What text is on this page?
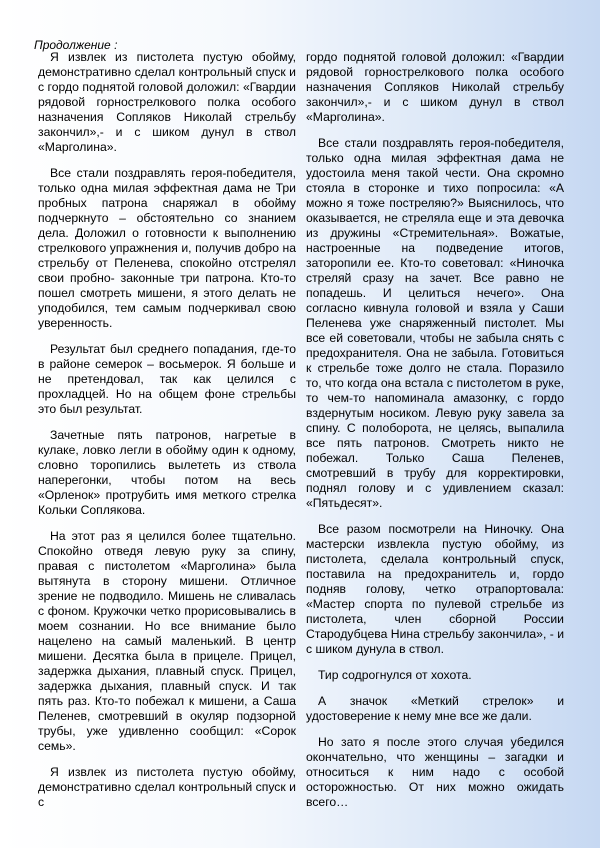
Продолжение :

Я извлек из пистолета пустую обойму, демонстративно сделал контрольный спуск и с гордо поднятой головой доложил: «Гвардии рядовой горнострелкового полка особого назначения Сопляков Николай стрельбу закончил»,- и с шиком дунул в ствол «Марголина».

Все стали поздравлять героя-победителя, только одна милая эффектная дама не Три пробных патрона снаряжал в обойму подчеркнуто – обстоятельно со знанием дела. Доложил о готовности к выполнению стрелкового упражнения и, получив добро на стрельбу от Пеленева, спокойно отстрелял свои пробно- законные три патрона. Кто-то пошел смотреть мишени, я этого делать не уподобился, тем самым подчеркивал свою уверенность.

Результат был среднего попадания, где-то в районе семерок – восьмерок. Я больше и не претендовал, так как целился с прохладцей. Но на общем фоне стрельбы это был результат.

Зачетные пять патронов, нагретые в кулаке, ловко легли в обойму один к одному, словно торопились вылететь из ствола наперегонки, чтобы потом на весь «Орленок» протрубить имя меткого стрелка Кольки Соплякова.

На этот раз я целился более тщательно. Спокойно отведя левую руку за спину, правая с пистолетом «Марголина» была вытянута в сторону мишени. Отличное зрение не подводило. Мишень не сливалась с фоном. Кружочки четко прорисовывались в моем сознании. Но все внимание было нацелено на самый маленький. В центр мишени. Десятка была в прицеле. Прицел, задержка дыхания, плавный спуск. Прицел, задержка дыхания, плавный спуск. И так пять раз. Кто-то побежал к мишени, а Саша Пеленев, смотревший в окуляр подзорной трубы, уже удивленно сообщил: «Сорок семь».

Я извлек из пистолета пустую обойму, демонстративно сделал контрольный спуск и с

гордо поднятой головой доложил: «Гвардии рядовой горнострелкового полка особого назначения Сопляков Николай стрельбу закончил»,- и с шиком дунул в ствол «Марголина».

Все стали поздравлять героя-победителя, только одна милая эффектная дама не удостоила меня такой чести. Она скромно стояла в сторонке и тихо попросила: «А можно я тоже постреляю?» Выяснилось, что оказывается, не стреляла еще и эта девочка из дружины «Стремительная». Вожатые, настроенные на подведение итогов, заторопили ее. Кто-то советовал: «Ниночка стреляй сразу на зачет. Все равно не попадешь. И целиться нечего». Она согласно кивнула головой и взяла у Саши Пеленева уже снаряженный пистолет. Мы все ей советовали, чтобы не забыла снять с предохранителя. Она не забыла. Готовиться к стрельбе тоже долго не стала. Поразило то, что когда она встала с пистолетом в руке, то чем-то напоминала амазонку, с гордо вздернутым носиком. Левую руку завела за спину. С полоборота, не целясь, выпалила все пять патронов. Смотреть никто не побежал. Только Саша Пеленев, смотревший в трубу для корректировки, поднял голову и с удивлением сказал: «Пятьдесят».

Все разом посмотрели на Ниночку. Она мастерски извлекла пустую обойму, из пистолета, сделала контрольный спуск, поставила на предохранитель и, гордо подняв голову, четко отрапортовала: «Мастер спорта по пулевой стрельбе из пистолета, член сборной России Стародубцева Нина стрельбу закончила», - и с шиком дунула в ствол.

Тир содрогнулся от хохота.

А значок «Меткий стрелок» и удостоверение к нему мне все же дали.

Но зато я после этого случая убедился окончательно, что женщины – загадки и относиться к ним надо с особой осторожностью. От них можно ожидать всего…
